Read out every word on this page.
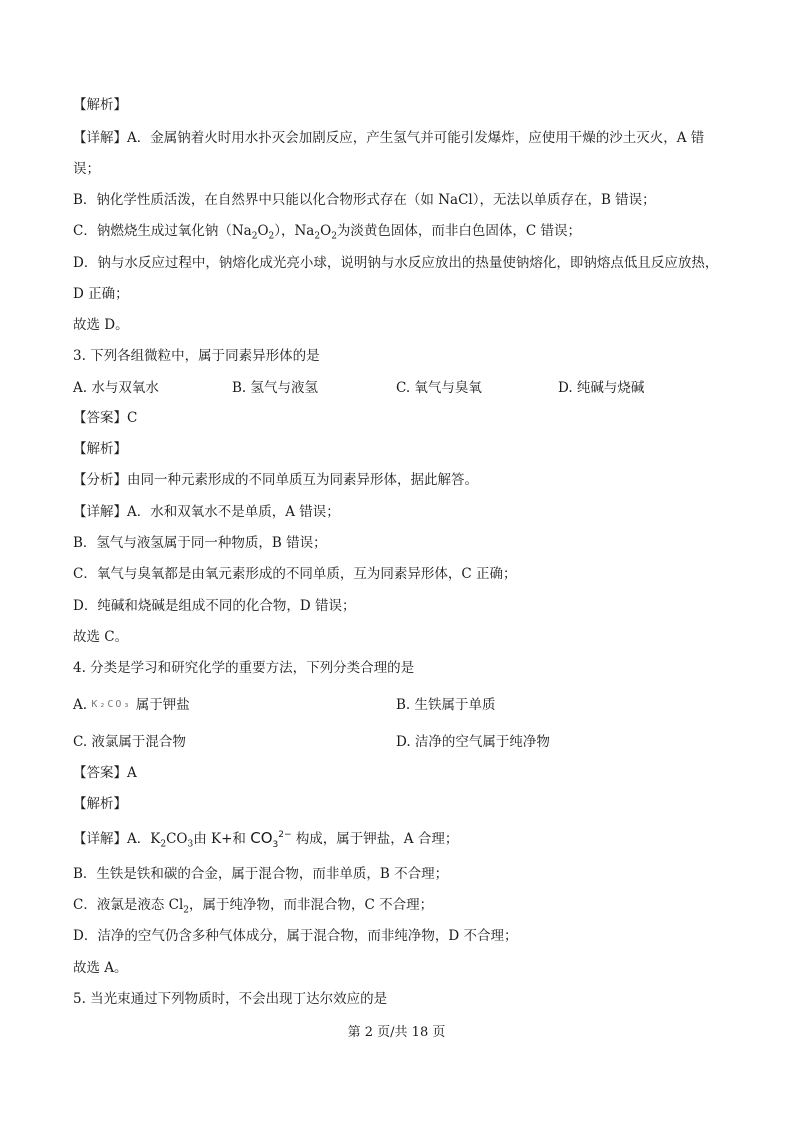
【解析】
【详解】A．金属钠着火时用水扑灭会加剧反应，产生氢气并可能引发爆炸，应使用干燥的沙土灭火，A 错
误；
B．钠化学性质活泼，在自然界中只能以化合物形式存在（如 NaCl），无法以单质存在，B 错误；
C．钠燃烧生成过氧化钠$(Na_2O_2)$，$Na_2O_2$为淡黄色固体，而非白色固体，C 错误；
D．钠与水反应过程中，钠熔化成光亮小球，说明钠与水反应放出的热量使钠熔化，即钠熔点低且反应放热，
D 正确；
故选 D。
3. 下列各组微粒中，属于同素异形体的是
A. 水与双氧水	B. 氢气与液氢	C. 氧气与臭氧	D. 纯碱与烧碱
【答案】C
【解析】
【分析】由同一种元素形成的不同单质互为同素异形体，据此解答。
【详解】A．水和双氧水不是单质，A 错误；
B．氢气与液氢属于同一种物质，B 错误；
C．氧气与臭氧都是由氧元素形成的不同单质，互为同素异形体，C 正确；
D．纯碱和烧碱是组成不同的化合物，D 错误；
故选 C。
4. 分类是学习和研究化学的重要方法，下列分类合理的是
A. K₂CO₃ 属于钾盐	B. 生铁属于单质
C. 液氯属于混合物	D. 洁净的空气属于纯净物
【答案】A
【解析】
【详解】A．$K_2CO_3$由 K+和 $CO_3^{2-}$ 构成，属于钾盐，A 合理；
B．生铁是铁和碳的合金，属于混合物，而非单质，B 不合理；
C．液氯是液态 $Cl_2$，属于纯净物，而非混合物，C 不合理；
D．洁净的空气仍含多种气体成分，属于混合物，而非纯净物，D 不合理；
故选 A。
5. 当光束通过下列物质时，不会出现丁达尔效应的是
第 2 页/共 18 页
